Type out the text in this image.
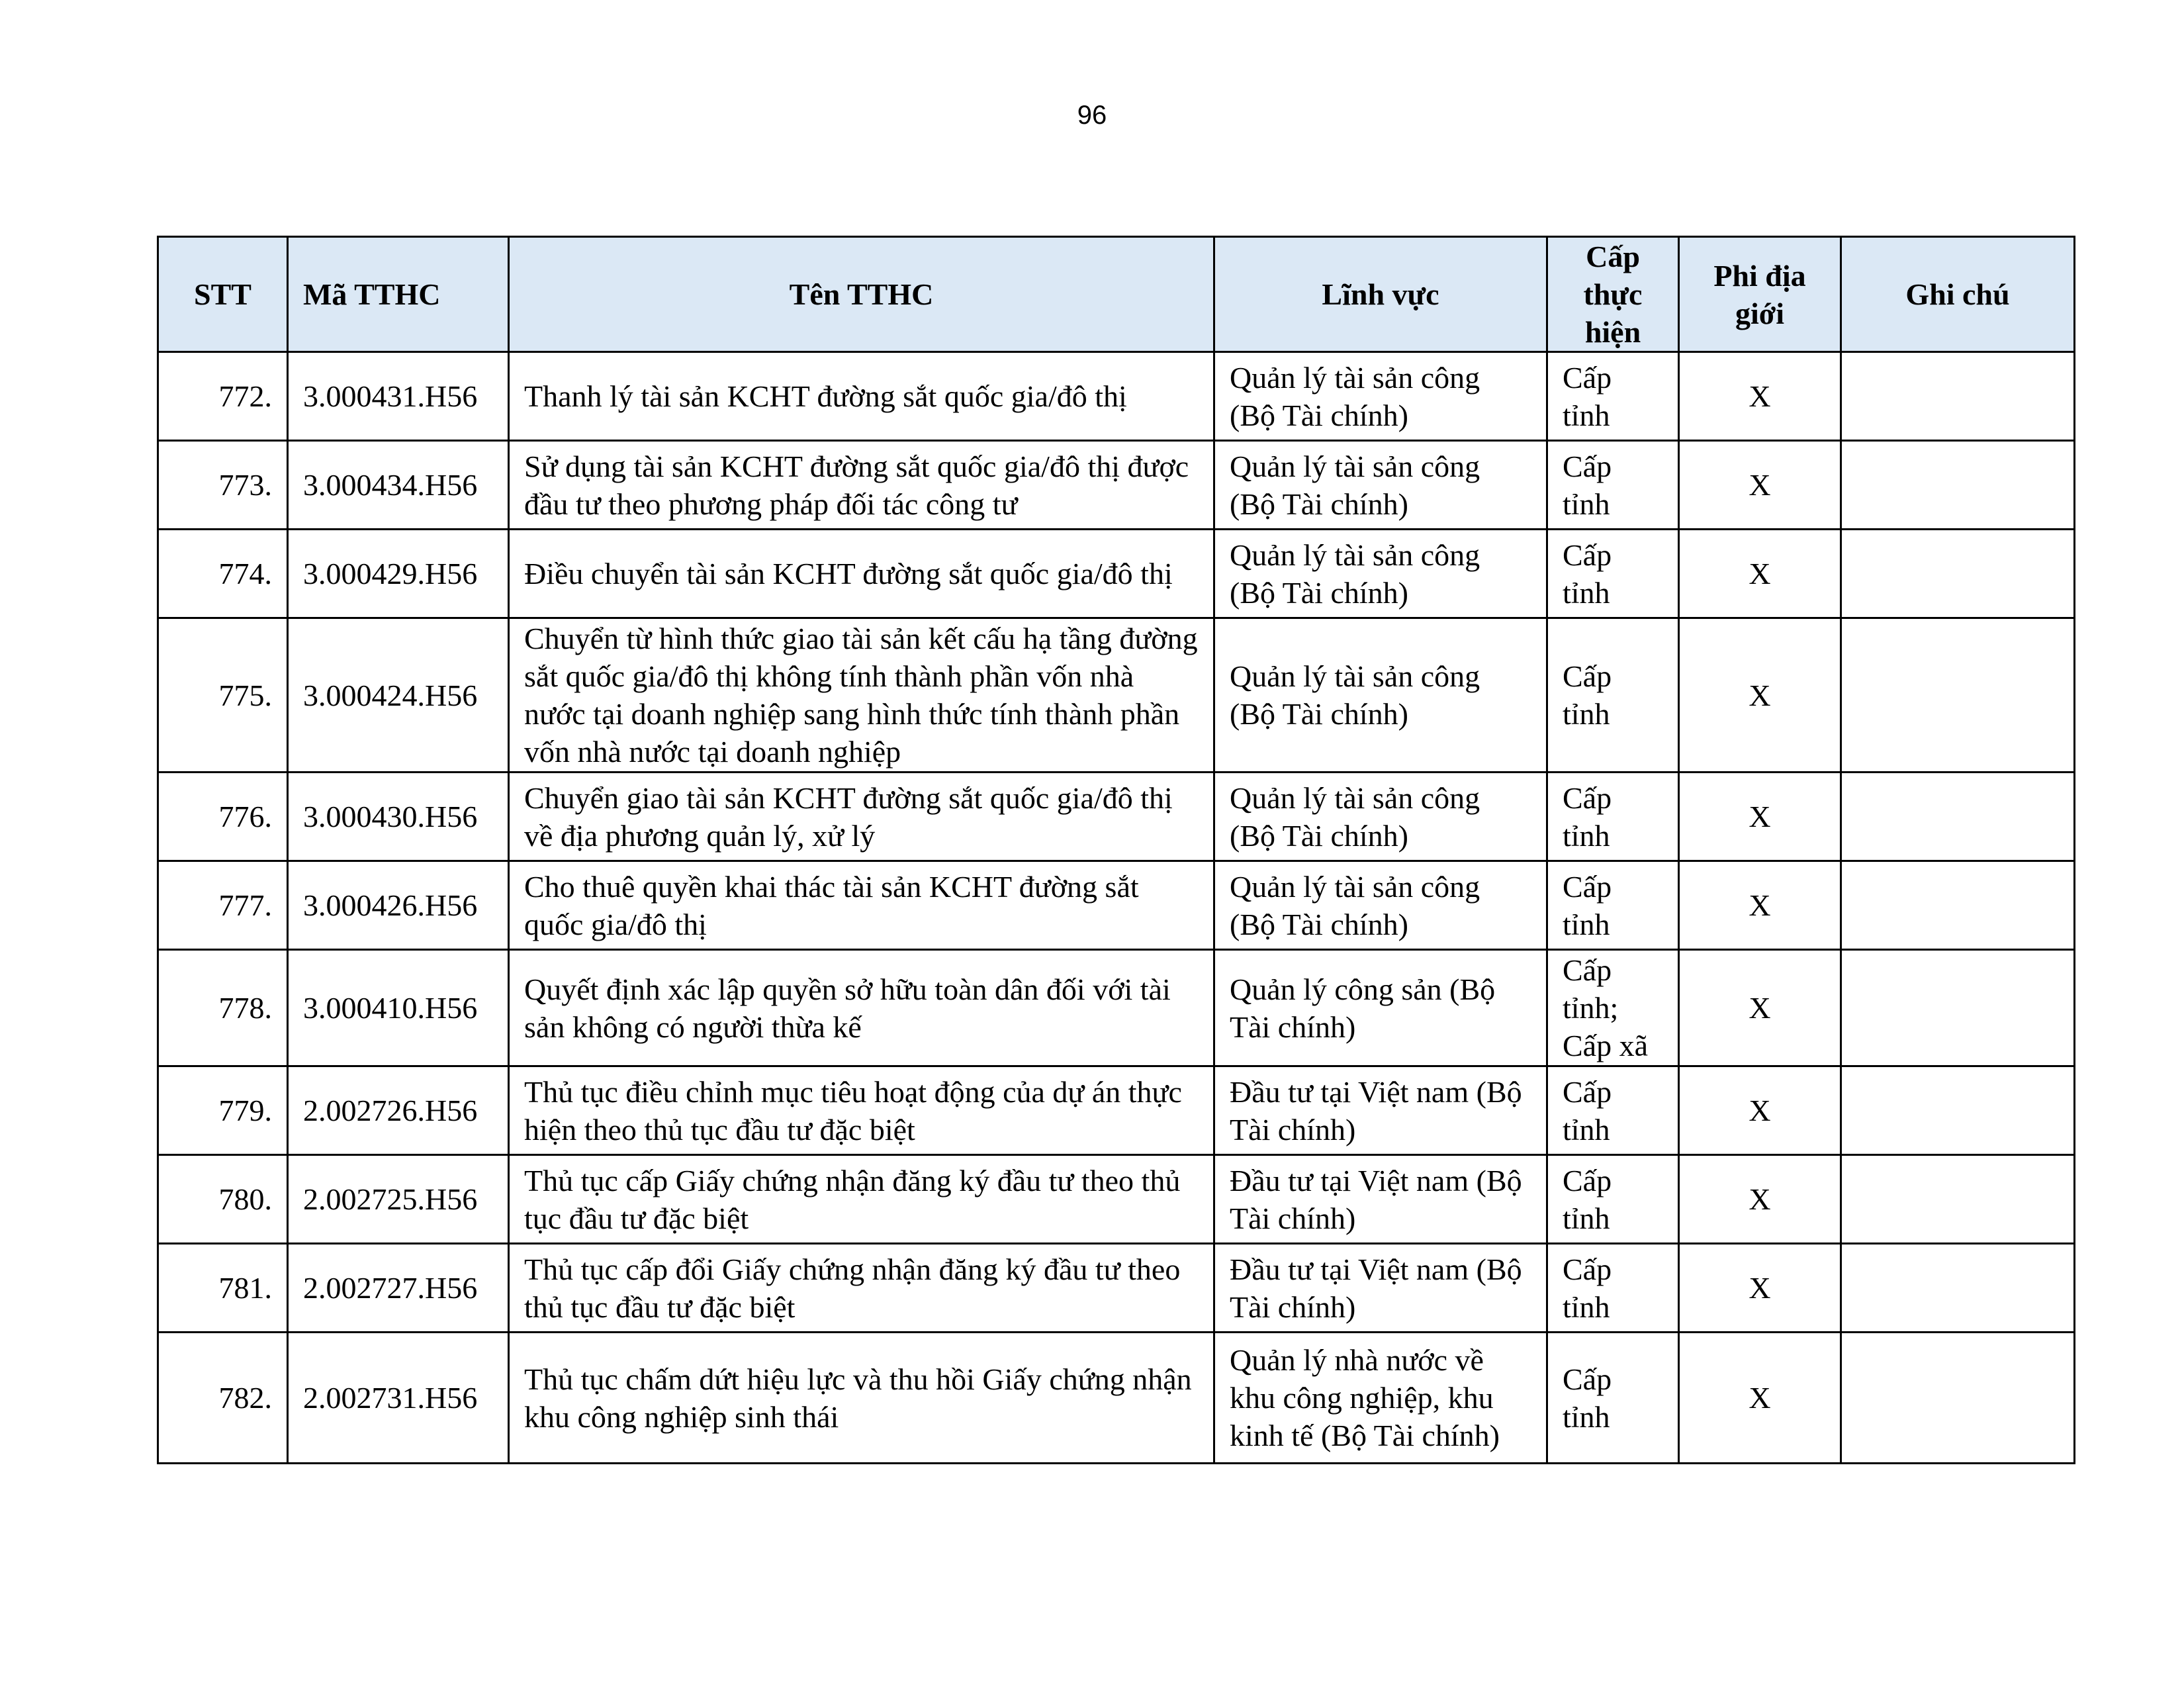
96
STT	Mã TTHC	Tên TTHC	Lĩnh vực	Cấp thực hiện	Phi địa giới	Ghi chú
772.	3.000431.H56	Thanh lý tài sản KCHT đường sắt quốc gia/đô thị	Quản lý tài sản công (Bộ Tài chính)	Cấp tỉnh	X	
773.	3.000434.H56	Sử dụng tài sản KCHT đường sắt quốc gia/đô thị được đầu tư theo phương pháp đối tác công tư	Quản lý tài sản công (Bộ Tài chính)	Cấp tỉnh	X	
774.	3.000429.H56	Điều chuyển tài sản KCHT đường sắt quốc gia/đô thị	Quản lý tài sản công (Bộ Tài chính)	Cấp tỉnh	X	
775.	3.000424.H56	Chuyển từ hình thức giao tài sản kết cấu hạ tầng đường sắt quốc gia/đô thị không tính thành phần vốn nhà nước tại doanh nghiệp sang hình thức tính thành phần vốn nhà nước tại doanh nghiệp	Quản lý tài sản công (Bộ Tài chính)	Cấp tỉnh	X	
776.	3.000430.H56	Chuyển giao tài sản KCHT đường sắt quốc gia/đô thị về địa phương quản lý, xử lý	Quản lý tài sản công (Bộ Tài chính)	Cấp tỉnh	X	
777.	3.000426.H56	Cho thuê quyền khai thác tài sản KCHT đường sắt quốc gia/đô thị	Quản lý tài sản công (Bộ Tài chính)	Cấp tỉnh	X	
778.	3.000410.H56	Quyết định xác lập quyền sở hữu toàn dân đối với tài sản không có người thừa kế	Quản lý công sản (Bộ Tài chính)	Cấp tỉnh; Cấp xã	X	
779.	2.002726.H56	Thủ tục điều chỉnh mục tiêu hoạt động của dự án thực hiện theo thủ tục đầu tư đặc biệt	Đầu tư tại Việt nam (Bộ Tài chính)	Cấp tỉnh	X	
780.	2.002725.H56	Thủ tục cấp Giấy chứng nhận đăng ký đầu tư theo thủ tục đầu tư đặc biệt	Đầu tư tại Việt nam (Bộ Tài chính)	Cấp tỉnh	X	
781.	2.002727.H56	Thủ tục cấp đổi Giấy chứng nhận đăng ký đầu tư theo thủ tục đầu tư đặc biệt	Đầu tư tại Việt nam (Bộ Tài chính)	Cấp tỉnh	X	
782.	2.002731.H56	Thủ tục chấm dứt hiệu lực và thu hồi Giấy chứng nhận khu công nghiệp sinh thái	Quản lý nhà nước về khu công nghiệp, khu kinh tế (Bộ Tài chính)	Cấp tỉnh	X	
